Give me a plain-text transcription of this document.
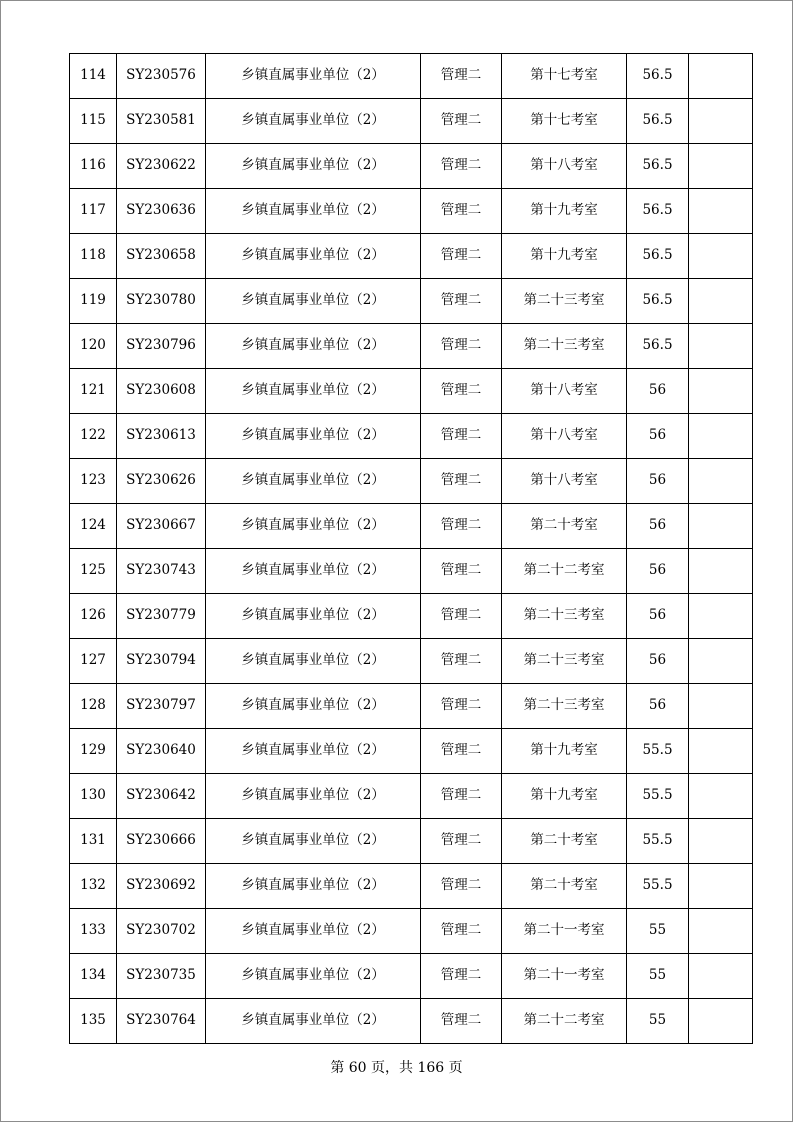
114	SY230576	乡镇直属事业单位（2）	管理二	第十七考室	56.5	
115	SY230581	乡镇直属事业单位（2）	管理二	第十七考室	56.5	
116	SY230622	乡镇直属事业单位（2）	管理二	第十八考室	56.5	
117	SY230636	乡镇直属事业单位（2）	管理二	第十九考室	56.5	
118	SY230658	乡镇直属事业单位（2）	管理二	第十九考室	56.5	
119	SY230780	乡镇直属事业单位（2）	管理二	第二十三考室	56.5	
120	SY230796	乡镇直属事业单位（2）	管理二	第二十三考室	56.5	
121	SY230608	乡镇直属事业单位（2）	管理二	第十八考室	56	
122	SY230613	乡镇直属事业单位（2）	管理二	第十八考室	56	
123	SY230626	乡镇直属事业单位（2）	管理二	第十八考室	56	
124	SY230667	乡镇直属事业单位（2）	管理二	第二十考室	56	
125	SY230743	乡镇直属事业单位（2）	管理二	第二十二考室	56	
126	SY230779	乡镇直属事业单位（2）	管理二	第二十三考室	56	
127	SY230794	乡镇直属事业单位（2）	管理二	第二十三考室	56	
128	SY230797	乡镇直属事业单位（2）	管理二	第二十三考室	56	
129	SY230640	乡镇直属事业单位（2）	管理二	第十九考室	55.5	
130	SY230642	乡镇直属事业单位（2）	管理二	第十九考室	55.5	
131	SY230666	乡镇直属事业单位（2）	管理二	第二十考室	55.5	
132	SY230692	乡镇直属事业单位（2）	管理二	第二十考室	55.5	
133	SY230702	乡镇直属事业单位（2）	管理二	第二十一考室	55	
134	SY230735	乡镇直属事业单位（2）	管理二	第二十一考室	55	
135	SY230764	乡镇直属事业单位（2）	管理二	第二十二考室	55	
第 60 页，共 166 页
